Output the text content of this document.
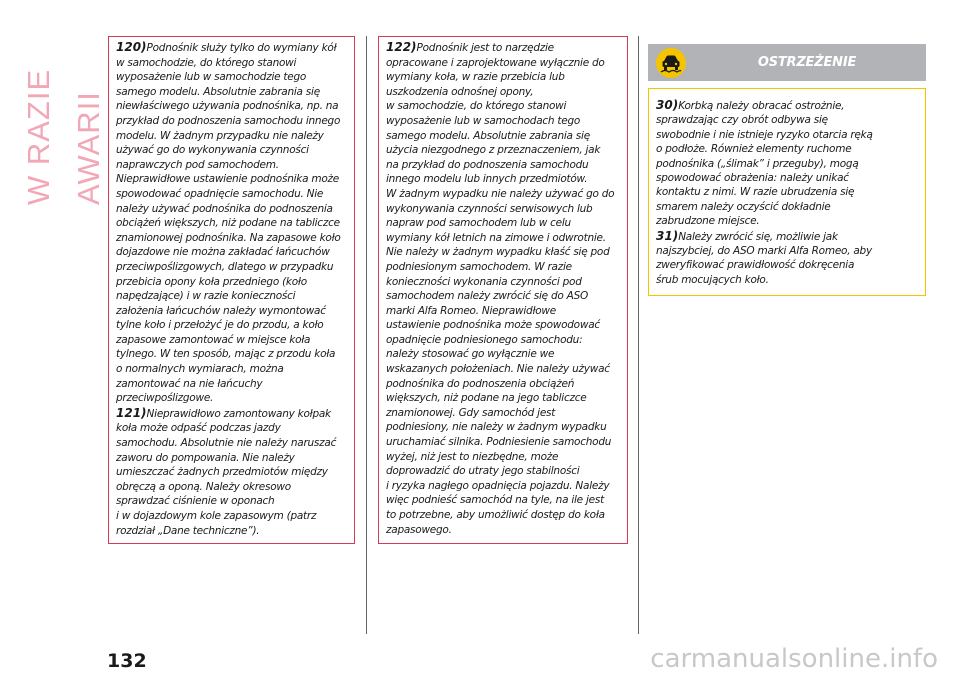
W RAZIE AWARII

120)Podnośnik służy tylko do wymiany kół
w samochodzie, do którego stanowi
wyposażenie lub w samochodzie tego
samego modelu. Absolutnie zabrania się
niewłaściwego używania podnośnika, np. na
przykład do podnoszenia samochodu innego
modelu. W żadnym przypadku nie należy
używać go do wykonywania czynności
naprawczych pod samochodem.
Nieprawidłowe ustawienie podnośnika może
spowodować opadnięcie samochodu. Nie
należy używać podnośnika do podnoszenia
obciążeń większych, niż podane na tabliczce
znamionowej podnośnika. Na zapasowe koło
dojazdowe nie można zakładać łańcuchów
przeciwpoślizgowych, dlatego w przypadku
przebicia opony koła przedniego (koło
napędzające) i w razie konieczności
założenia łańcuchów należy wymontować
tylne koło i przełożyć je do przodu, a koło
zapasowe zamontować w miejsce koła
tylnego. W ten sposób, mając z przodu koła
o normalnych wymiarach, można
zamontować na nie łańcuchy
przeciwpoślizgowe.

121)Nieprawidłowo zamontowany kołpak
koła może odpaść podczas jazdy
samochodu. Absolutnie nie należy naruszać
zaworu do pompowania. Nie należy
umieszczać żadnych przedmiotów między
obręczą a oponą. Należy okresowo
sprawdzać ciśnienie w oponach
i w dojazdowym kole zapasowym (patrz
rozdział „Dane techniczne”).

122)Podnośnik jest to narzędzie
opracowane i zaprojektowane wyłącznie do
wymiany koła, w razie przebicia lub
uszkodzenia odnośnej opony,
w samochodzie, do którego stanowi
wyposażenie lub w samochodach tego
samego modelu. Absolutnie zabrania się
użycia niezgodnego z przeznaczeniem, jak
na przykład do podnoszenia samochodu
innego modelu lub innych przedmiotów.
W żadnym wypadku nie należy używać go do
wykonywania czynności serwisowych lub
napraw pod samochodem lub w celu
wymiany kół letnich na zimowe i odwrotnie.
Nie należy w żadnym wypadku kłaść się pod
podniesionym samochodem. W razie
konieczności wykonania czynności pod
samochodem należy zwrócić się do ASO
marki Alfa Romeo. Nieprawidłowe
ustawienie podnośnika może spowodować
opadnięcie podniesionego samochodu:
należy stosować go wyłącznie we
wskazanych położeniach. Nie należy używać
podnośnika do podnoszenia obciążeń
większych, niż podane na jego tabliczce
znamionowej. Gdy samochód jest
podniesiony, nie należy w żadnym wypadku
uruchamiać silnika. Podniesienie samochodu
wyżej, niż jest to niezbędne, może
doprowadzić do utraty jego stabilności
i ryzyka nagłego opadnięcia pojazdu. Należy
więc podnieść samochód na tyle, na ile jest
to potrzebne, aby umożliwić dostęp do koła
zapasowego.

OSTRZEŻENIE

30)Korbką należy obracać ostrożnie,
sprawdzając czy obrót odbywa się
swobodnie i nie istnieje ryzyko otarcia ręką
o podłoże. Również elementy ruchome
podnośnika („ślimak” i przeguby), mogą
spowodować obrażenia: należy unikać
kontaktu z nimi. W razie ubrudzenia się
smarem należy oczyścić dokładnie
zabrudzone miejsce.

31)Należy zwrócić się, możliwie jak
najszybciej, do ASO marki Alfa Romeo, aby
zweryfikować prawidłowość dokręcenia
śrub mocujących koło.

132	carmanualsonline.info
